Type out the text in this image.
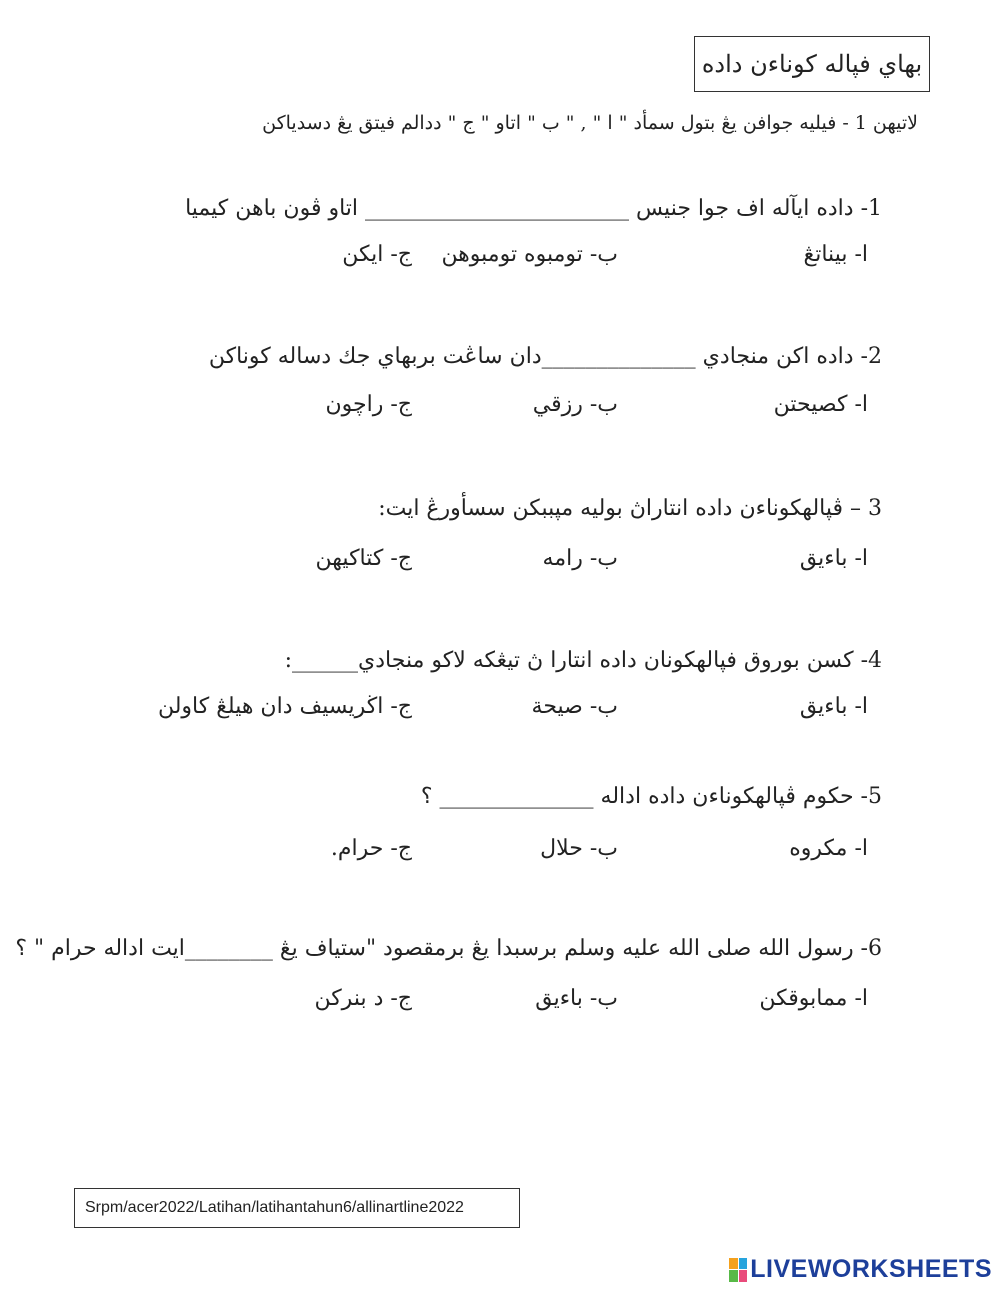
بهاي فپاله كوناءن داده
لاتيهن 1 - فيليه جوافن يڠ بتول سمأد " ا " , " ب " اتاو " ج " ددالم فيتق يڠ دسدياكن
1- داده ايآله اف جوا جنيس ________________________ اتاو ڤون باهن كيميا
ا- بيناتڠ
ب- تومبوه تومبوهن
ج- ايكن
2- داده اكن منجادي ______________دان ساڠت بربهاي جك دساله كوناكن
ا- كصيحتن
ب- رزقي
ج- راچون
3 – ڤپالهكوناءن داده انتاراڽ بوليه مپببكن سسأورڠ ايت:
ا- باءيق
ب- رامه
ج- كتاكيهن
4- كسن بوروق فپالهكونان داده انتارا ڽ تيڠكه لاكو منجادي______:
ا- باءيق
ب- صيحة
ج- اڬريسيف دان هيلڠ كاولن
5- حكوم ڤپالهكوناءن داده اداله ______________ ؟
ا- مكروه
ب- حلال
ج- حرام.
6- رسول الله صلى الله عليه وسلم برسبدا يڠ برمقصود "ستياف يڠ ________ايت اداله حرام " ؟
ا- ممابوقكن
ب- باءيق
ج- د بنركن
Srpm/acer2022/Latihan/latihantahun6/allinartline2022
LIVEWORKSHEETS
